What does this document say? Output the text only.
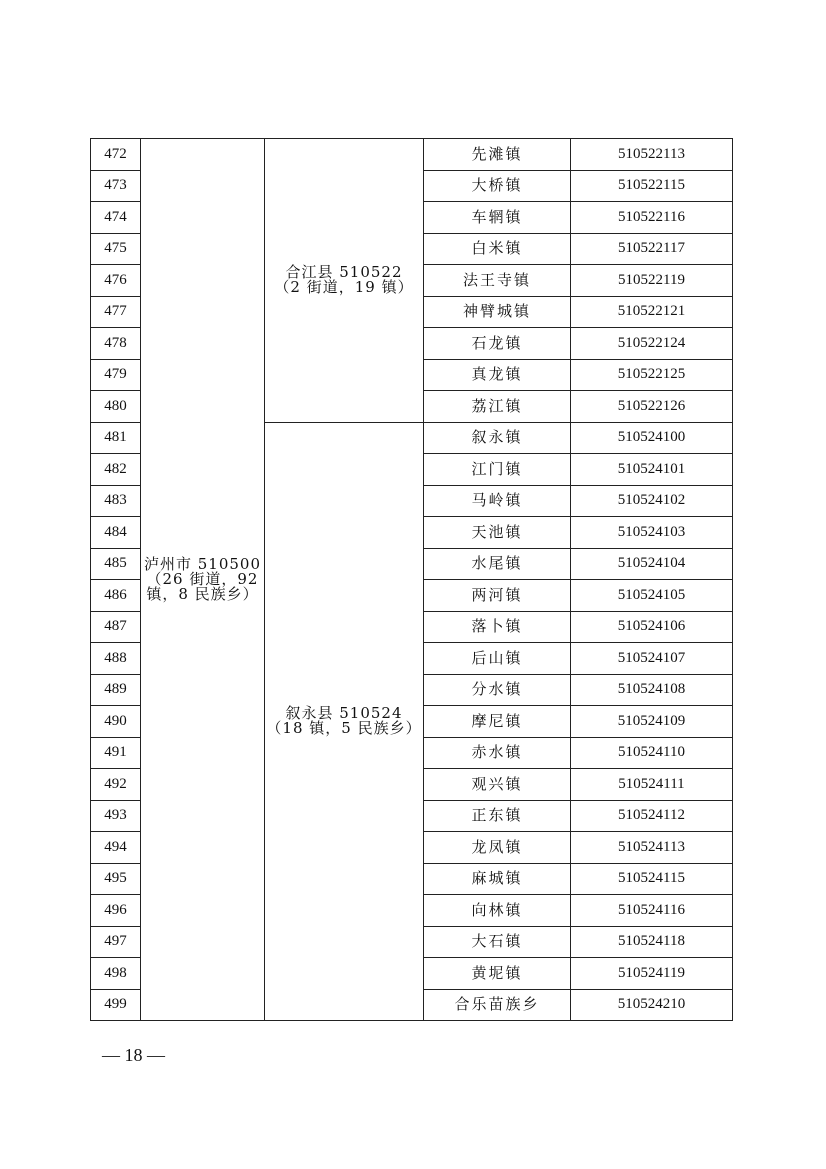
472	泸州市 510500
（26 街道，92
镇，8 民族乡）	合江县 510522
（2 街道，19 镇）	先滩镇	510522113
473			大桥镇	510522115
474			车辋镇	510522116
475			白米镇	510522117
476			法王寺镇	510522119
477			神臂城镇	510522121
478			石龙镇	510522124
479			真龙镇	510522125
480			荔江镇	510522126
481		叙永县 510524
（18 镇，5 民族乡）	叙永镇	510524100
482			江门镇	510524101
483			马岭镇	510524102
484			天池镇	510524103
485			水尾镇	510524104
486			两河镇	510524105
487			落卜镇	510524106
488			后山镇	510524107
489			分水镇	510524108
490			摩尼镇	510524109
491			赤水镇	510524110
492			观兴镇	510524111
493			正东镇	510524112
494			龙凤镇	510524113
495			麻城镇	510524115
496			向林镇	510524116
497			大石镇	510524118
498			黄坭镇	510524119
499			合乐苗族乡	510524210
— 18 —
